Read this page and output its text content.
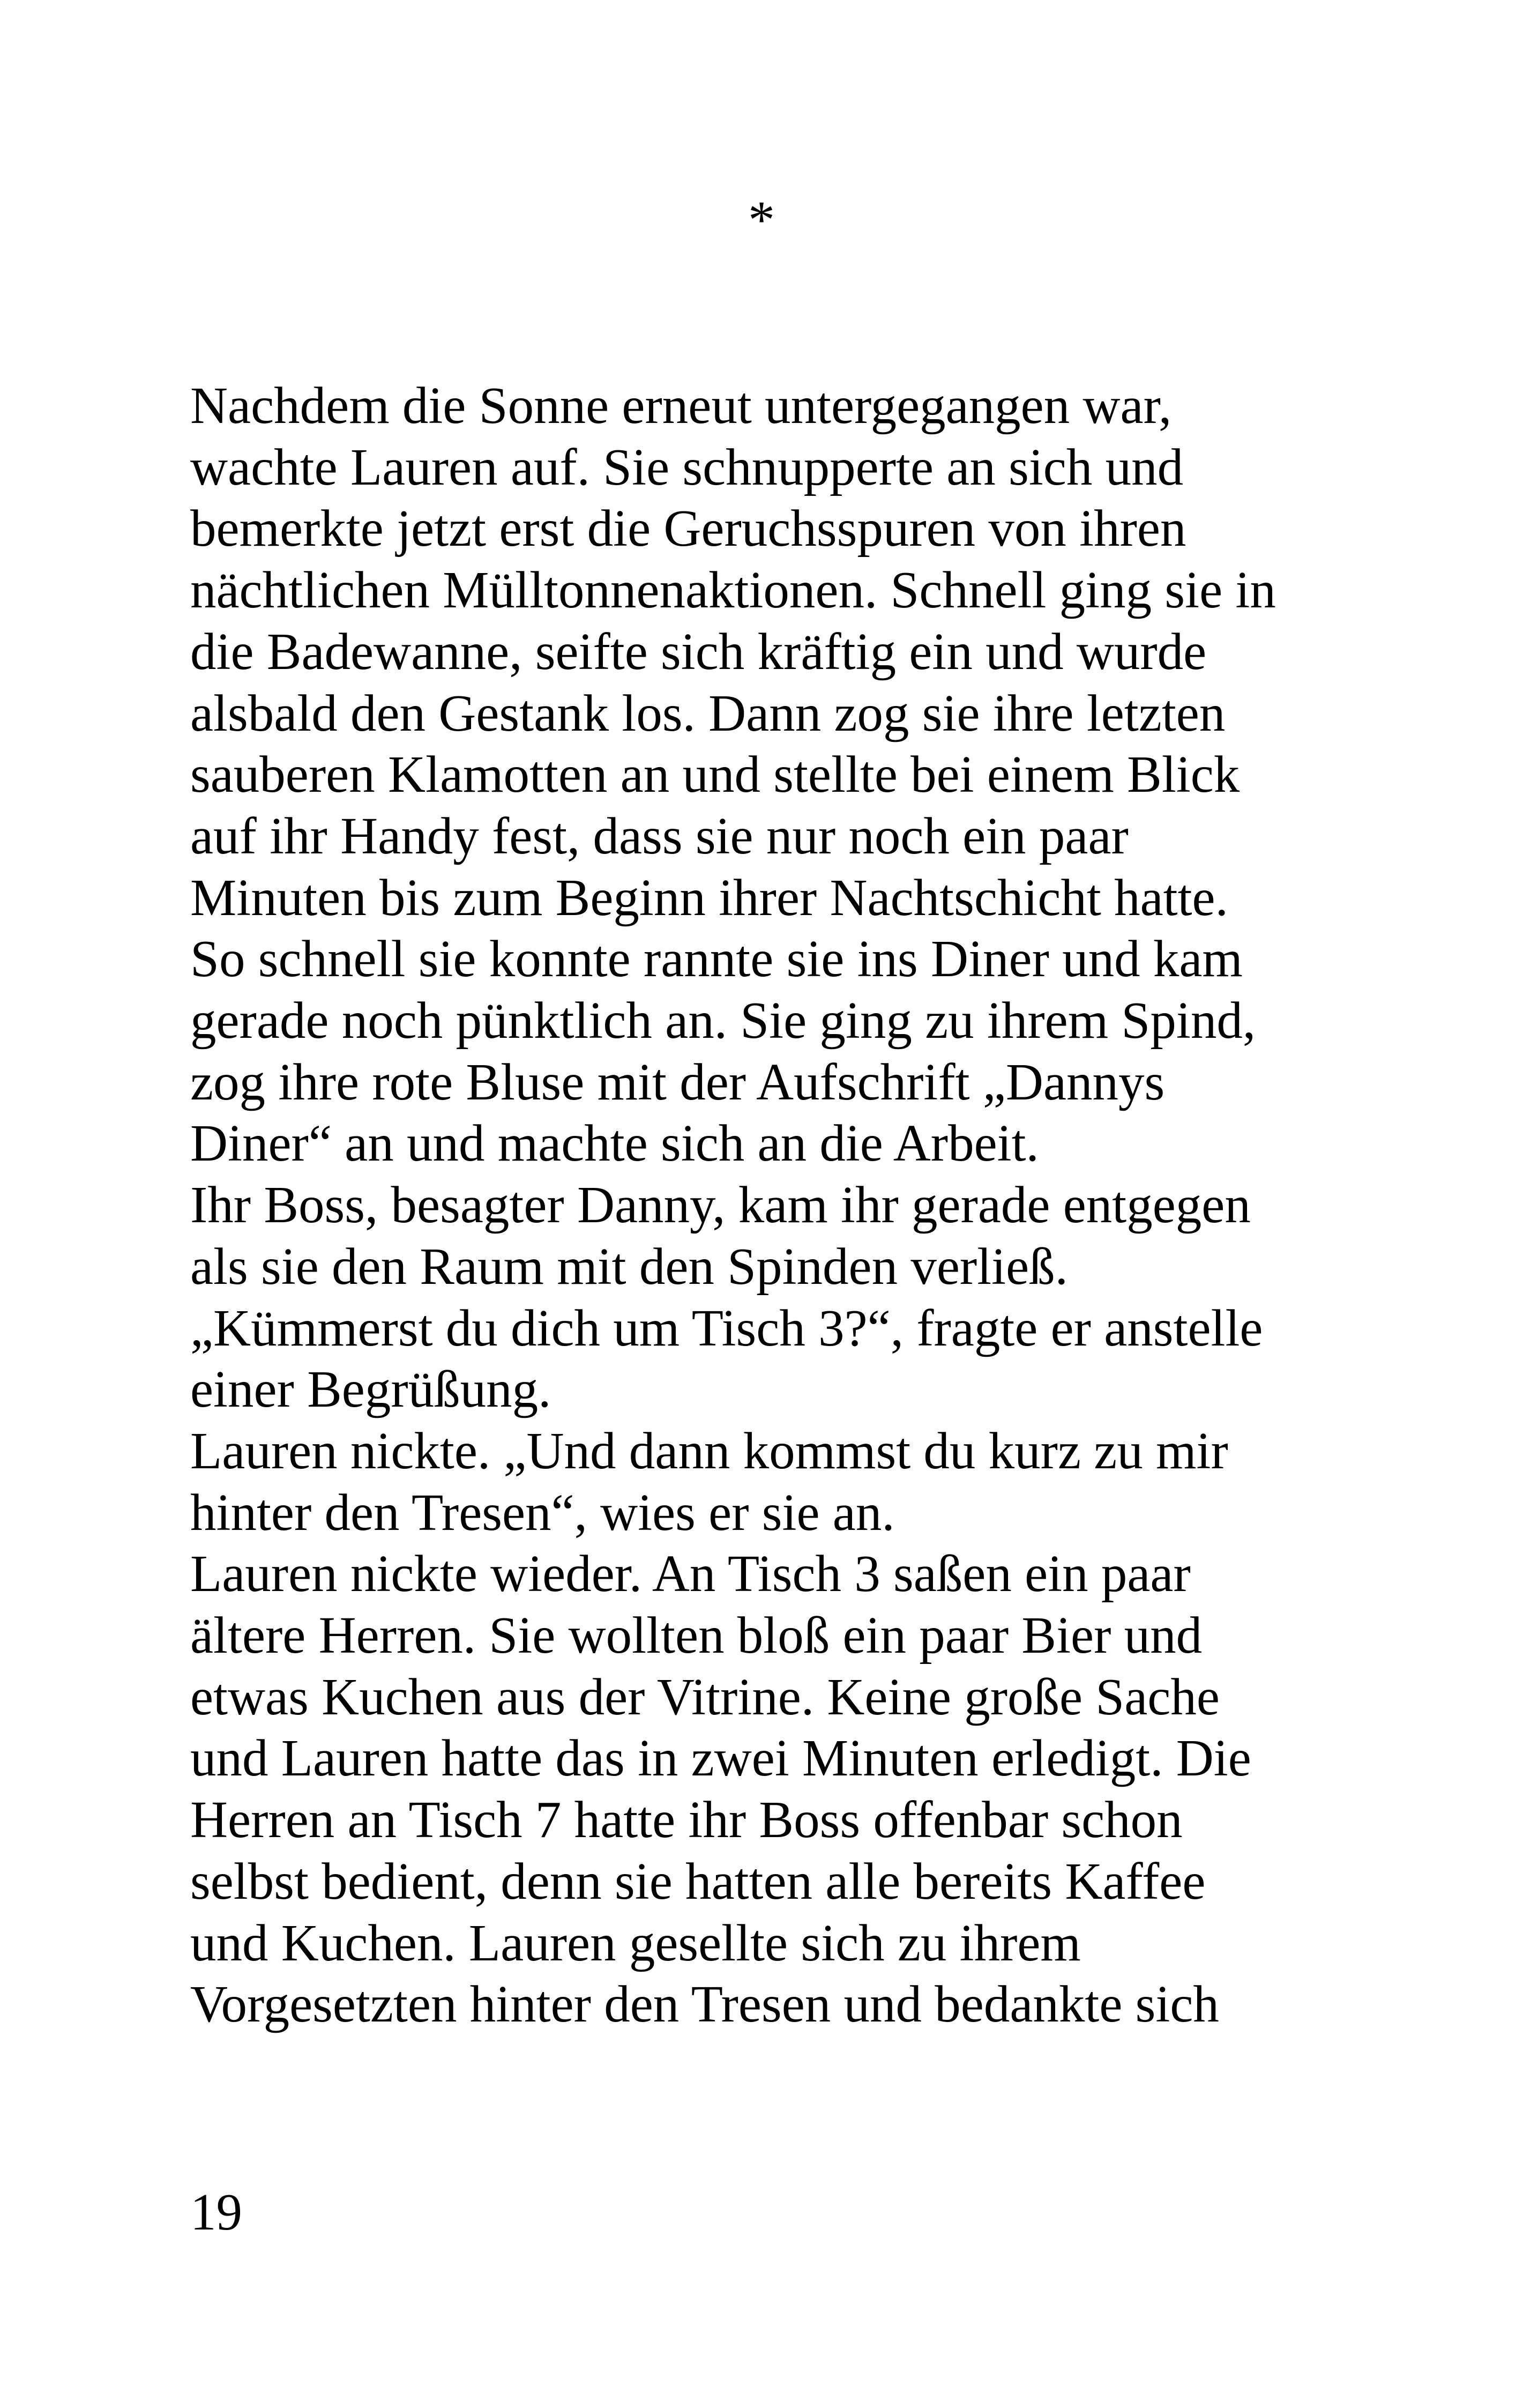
*
Nachdem die Sonne erneut untergegangen war,
wachte Lauren auf. Sie schnupperte an sich und
bemerkte jetzt erst die Geruchsspuren von ihren
nächtlichen Mülltonnenaktionen. Schnell ging sie in
die Badewanne, seifte sich kräftig ein und wurde
alsbald den Gestank los. Dann zog sie ihre letzten
sauberen Klamotten an und stellte bei einem Blick
auf ihr Handy fest, dass sie nur noch ein paar
Minuten bis zum Beginn ihrer Nachtschicht hatte.
So schnell sie konnte rannte sie ins Diner und kam
gerade noch pünktlich an. Sie ging zu ihrem Spind,
zog ihre rote Bluse mit der Aufschrift „Dannys
Diner“ an und machte sich an die Arbeit.
Ihr Boss, besagter Danny, kam ihr gerade entgegen
als sie den Raum mit den Spinden verließ.
„Kümmerst du dich um Tisch 3?“, fragte er anstelle
einer Begrüßung.
Lauren nickte. „Und dann kommst du kurz zu mir
hinter den Tresen“, wies er sie an.
Lauren nickte wieder. An Tisch 3 saßen ein paar
ältere Herren. Sie wollten bloß ein paar Bier und
etwas Kuchen aus der Vitrine. Keine große Sache
und Lauren hatte das in zwei Minuten erledigt. Die
Herren an Tisch 7 hatte ihr Boss offenbar schon
selbst bedient, denn sie hatten alle bereits Kaffee
und Kuchen. Lauren gesellte sich zu ihrem
Vorgesetzten hinter den Tresen und bedankte sich
19
